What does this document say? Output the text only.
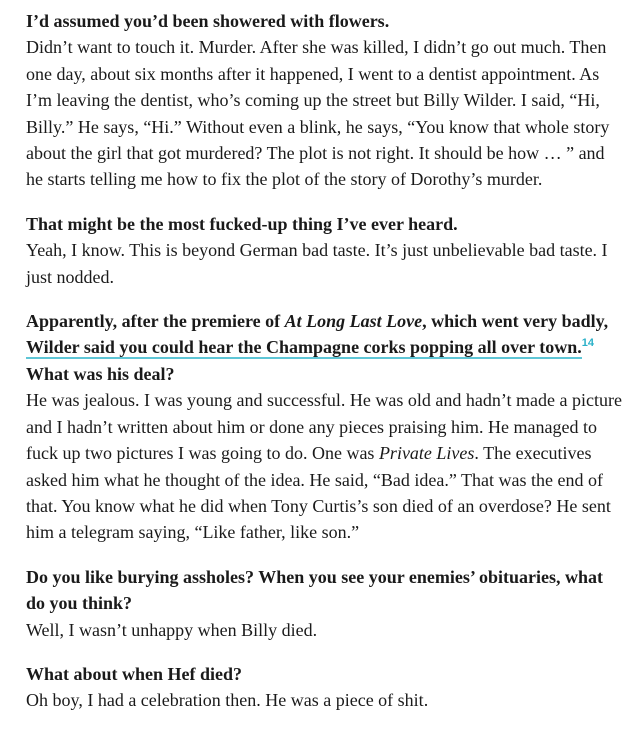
I’d assumed you’d been showered with flowers.

Didn’t want to touch it. Murder. After she was killed, I didn’t go out much. Then one day, about six months after it happened, I went to a dentist appointment. As I’m leaving the dentist, who’s coming up the street but Billy Wilder. I said, “Hi, Billy.” He says, “Hi.” Without even a blink, he says, “You know that whole story about the girl that got murdered? The plot is not right. It should be how … ” and he starts telling me how to fix the plot of the story of Dorothy’s murder.

That might be the most fucked-up thing I’ve ever heard.

Yeah, I know. This is beyond German bad taste. It’s just unbelievable bad taste. I just nodded.

Apparently, after the premiere of At Long Last Love, which went very badly, Wilder said you could hear the Champagne corks popping all over town.$^{14}$ What was his deal?

He was jealous. I was young and successful. He was old and hadn’t made a picture and I hadn’t written about him or done any pieces praising him. He managed to fuck up two pictures I was going to do. One was Private Lives. The executives asked him what he thought of the idea. He said, “Bad idea.” That was the end of that. You know what he did when Tony Curtis’s son died of an overdose? He sent him a telegram saying, “Like father, like son.”

Do you like burying assholes? When you see your enemies’ obituaries, what do you think?

Well, I wasn’t unhappy when Billy died.

What about when Hef died?

Oh boy, I had a celebration then. He was a piece of shit.
